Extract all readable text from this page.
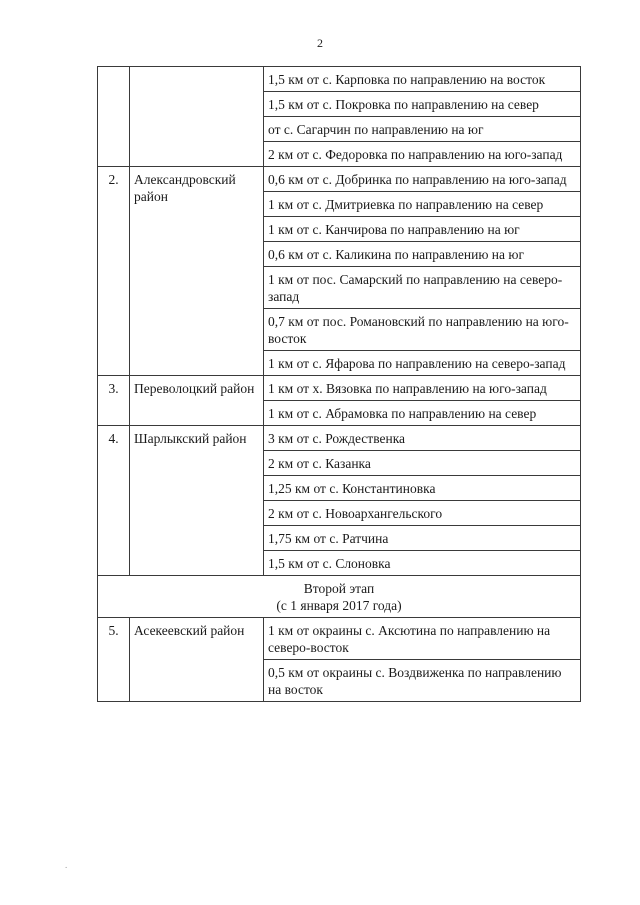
2
		1,5 км от с. Карповка по направлению на восток
		1,5 км от с. Покровка по направлению на север
		от с. Сагарчин по направлению на юг
		2 км от с. Федоровка по направлению на юго-запад
2.	Александровский район	0,6 км от с. Добринка по направлению на юго-запад
		1 км от с. Дмитриевка по направлению на север
		1 км от с. Канчирова по направлению на юг
		0,6 км от с. Каликина по направлению на юг
		1 км от пос. Самарский по направлению на северо-запад
		0,7 км от пос. Романовский по направлению на юго-восток
		1 км от с. Яфарова по направлению на северо-запад
3.	Переволоцкий район	1 км от х. Вязовка по направлению на юго-запад
		1 км от с. Абрамовка по направлению на север
4.	Шарлыкский район	3 км от с. Рождественка
		2 км от с. Казанка
		1,25 км от с. Константиновка
		2 км от с. Новоархангельского
		1,75 км от с. Ратчина
		1,5 км от с. Слоновка

Второй этап
(с 1 января 2017 года)		

5.	Асекеевский район	1 км от окраины с. Аксютина по направлению на северо-восток
		0,5 км от окраины с. Воздвиженка по направлению на восток
.
